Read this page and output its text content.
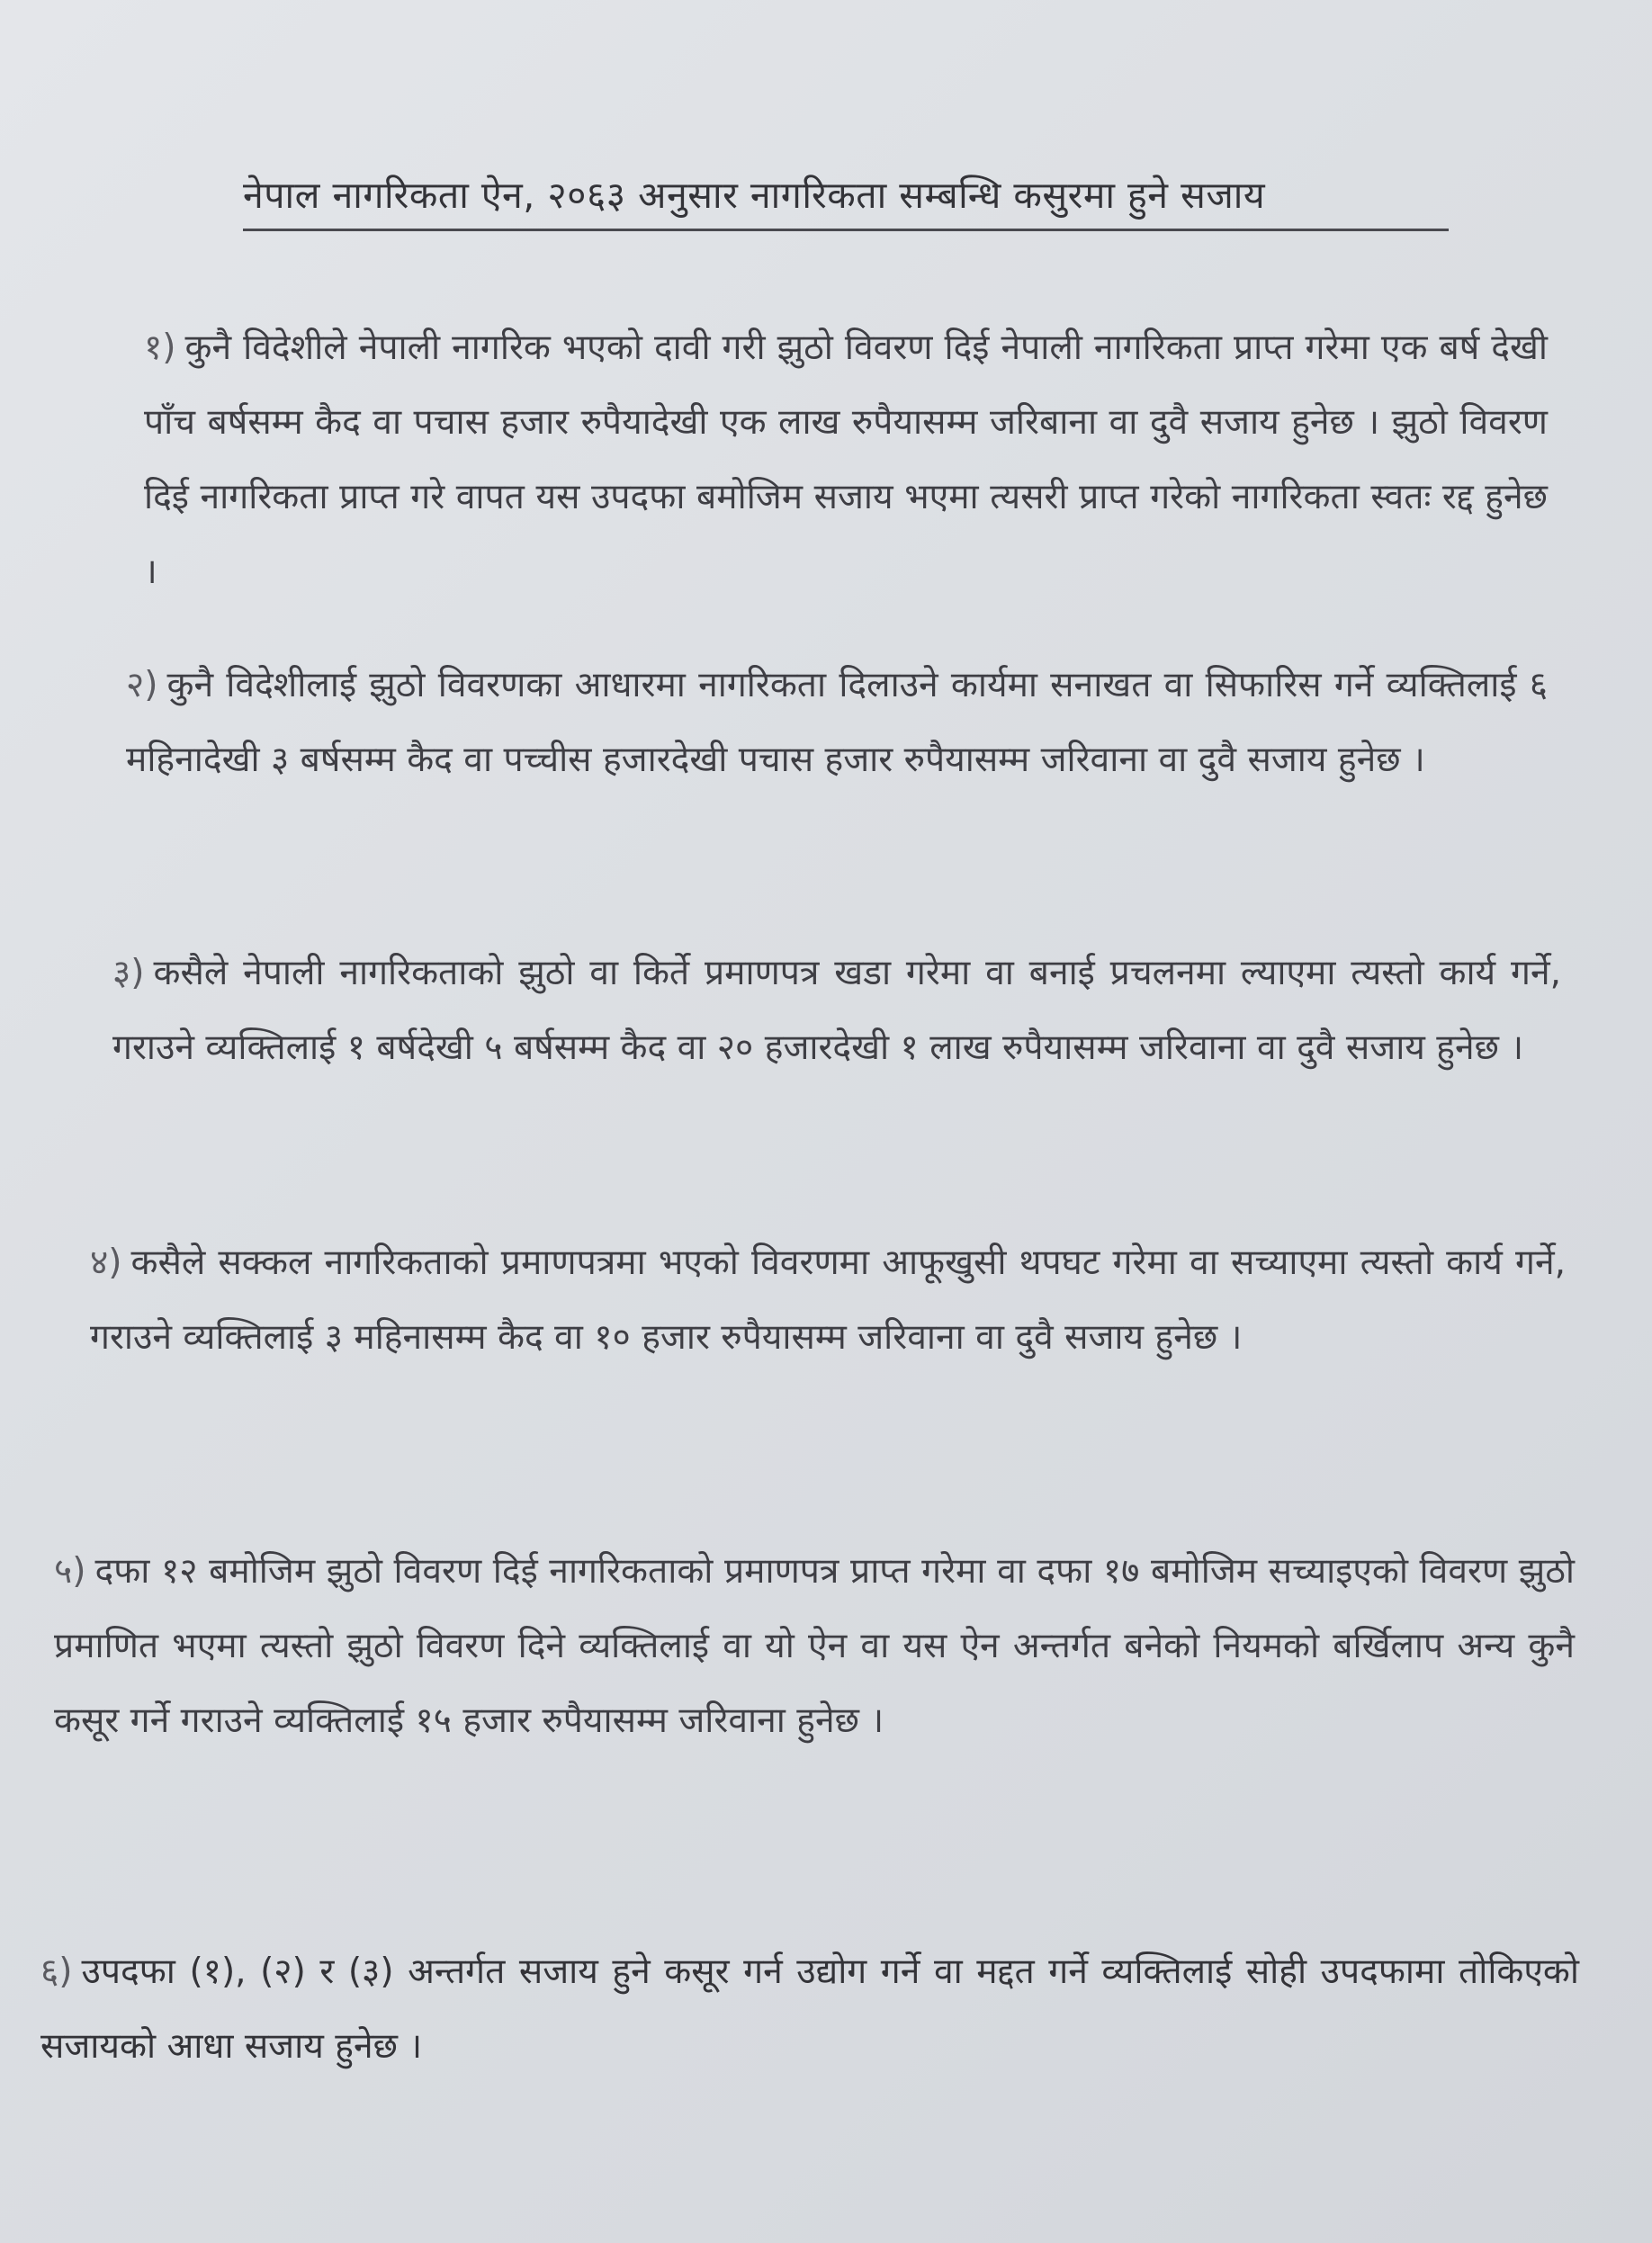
नेपाल नागरिकता ऐन, २०६३ अनुसार नागरिकता सम्बन्धि कसुरमा हुने सजाय
१) कुनै विदेशीले नेपाली नागरिक भएको दावी गरी झुठो विवरण दिई नेपाली नागरिकता प्राप्त गरेमा एक बर्ष देखी पाँच बर्षसम्म कैद वा पचास हजार रुपैयादेखी एक लाख रुपैयासम्म जरिबाना वा दुवै सजाय हुनेछ । झुठो विवरण दिई नागरिकता प्राप्त गरे वापत यस उपदफा बमोजिम सजाय भएमा त्यसरी प्राप्त गरेको नागरिकता स्वतः रद्द हुनेछ ।
२) कुनै विदेशीलाई झुठो विवरणका आधारमा नागरिकता दिलाउने कार्यमा सनाखत वा सिफारिस गर्ने व्यक्तिलाई ६ महिनादेखी ३ बर्षसम्म कैद वा पच्चीस हजारदेखी पचास हजार रुपैयासम्म जरिवाना वा दुवै सजाय हुनेछ ।
३) कसैले नेपाली नागरिकताको झुठो वा किर्ते प्रमाणपत्र खडा गरेमा वा बनाई प्रचलनमा ल्याएमा त्यस्तो कार्य गर्ने, गराउने व्यक्तिलाई १ बर्षदेखी ५ बर्षसम्म कैद वा २० हजारदेखी १ लाख रुपैयासम्म जरिवाना वा दुवै सजाय हुनेछ ।
४) कसैले सक्कल नागरिकताको प्रमाणपत्रमा भएको विवरणमा आफूखुसी थपघट गरेमा वा सच्याएमा त्यस्तो कार्य गर्ने, गराउने व्यक्तिलाई ३ महिनासम्म कैद वा १० हजार रुपैयासम्म जरिवाना वा दुवै सजाय हुनेछ ।
५) दफा १२ बमोजिम झुठो विवरण दिई नागरिकताको प्रमाणपत्र प्राप्त गरेमा वा दफा १७ बमोजिम सच्याइएको विवरण झुठो प्रमाणित भएमा त्यस्तो झुठो विवरण दिने व्यक्तिलाई वा यो ऐन वा यस ऐन अन्तर्गत बनेको नियमको बर्खिलाप अन्य कुनै कसूर गर्ने गराउने व्यक्तिलाई १५ हजार रुपैयासम्म जरिवाना हुनेछ ।
६) उपदफा (१), (२) र (३) अन्तर्गत सजाय हुने कसूर गर्न उद्योग गर्ने वा मद्दत गर्ने व्यक्तिलाई सोही उपदफामा तोकिएको सजायको आधा सजाय हुनेछ ।
